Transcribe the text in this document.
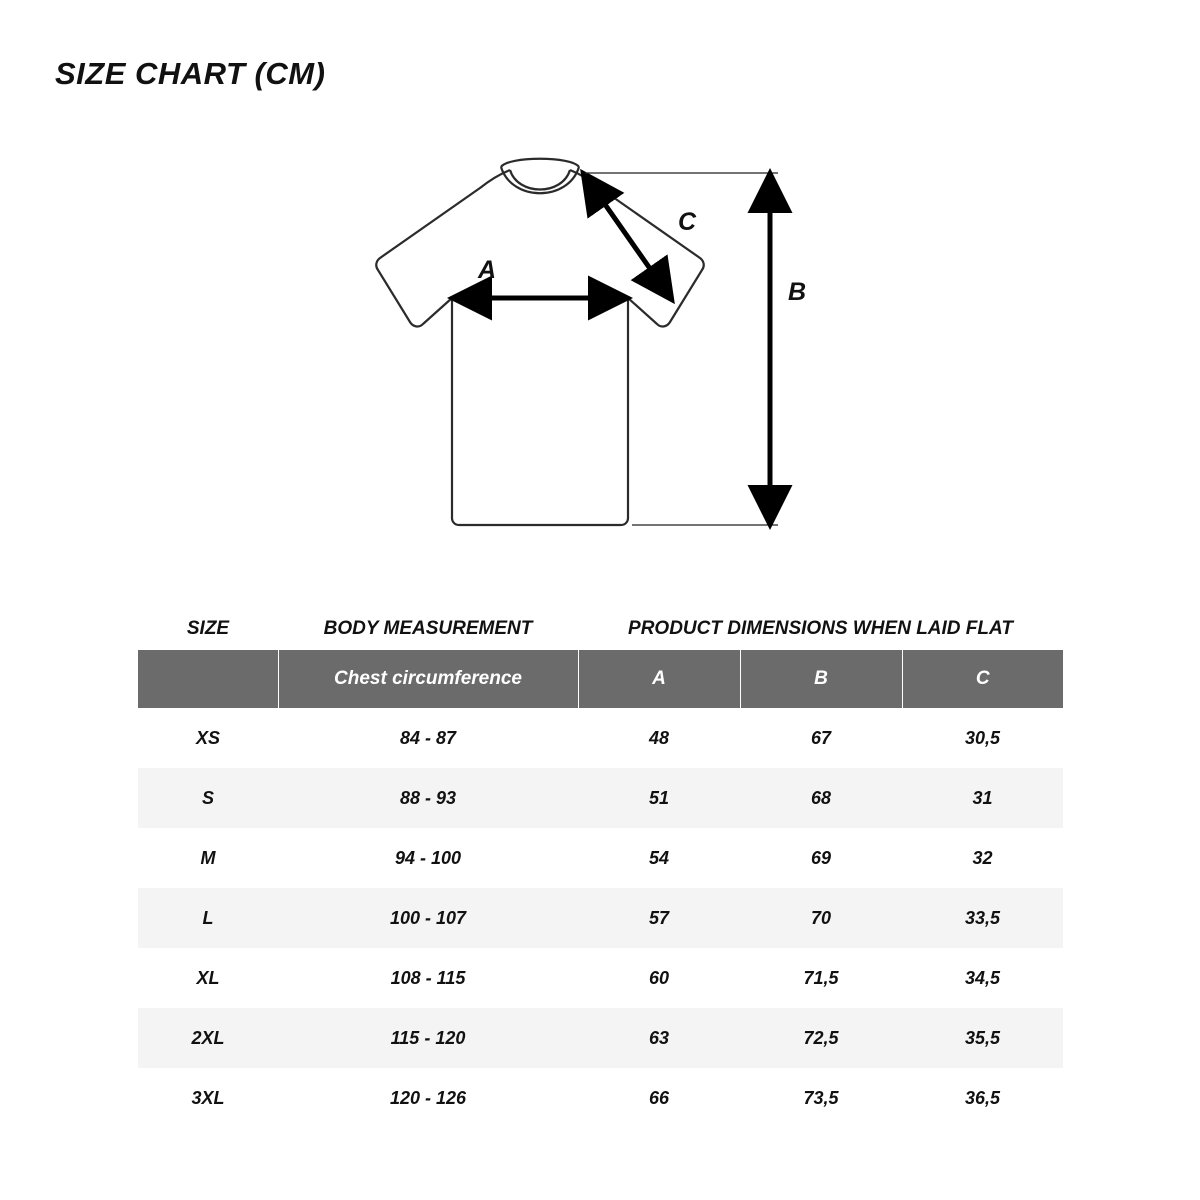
SIZE CHART (CM)
A
C
B
SIZE	BODY MEASUREMENT	PRODUCT DIMENSIONS WHEN LAID FLAT
	Chest circumference	A	B	C
XS	84 - 87	48	67	30,5
S	88 - 93	51	68	31
M	94 - 100	54	69	32
L	100 - 107	57	70	33,5
XL	108 - 115	60	71,5	34,5
2XL	115 - 120	63	72,5	35,5
3XL	120 - 126	66	73,5	36,5
